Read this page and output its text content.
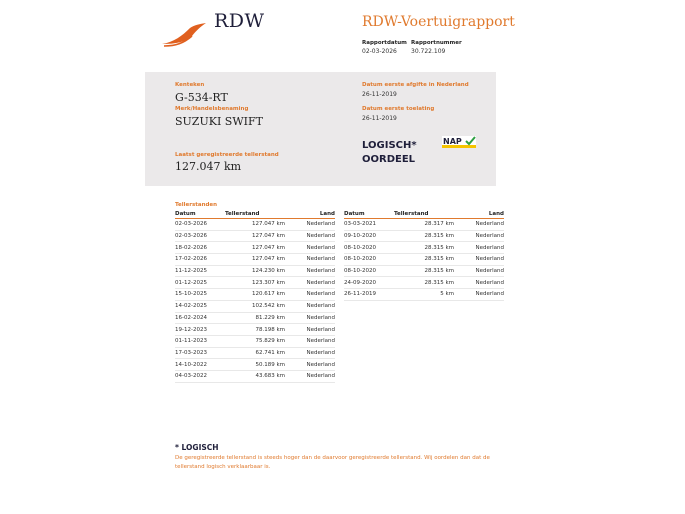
RDW	RDW-Voertuigrapport
Rapportdatum
02-03-2026
Rapportnummer
30.722.109
Kenteken
G-534-RT
Merk/Handelsbenaming
SUZUKI SWIFT
Laatst geregistreerde tellerstand
127.047 km
Datum eerste afgifte in Nederland
26-11-2019
Datum eerste toelating
26-11-2019
LOGISCH*
OORDEEL
NAP
Tellerstanden
Datum	Tellerstand	Land
02-03-2026	127.047 km	Nederland
02-03-2026	127.047 km	Nederland
18-02-2026	127.047 km	Nederland
17-02-2026	127.047 km	Nederland
11-12-2025	124.230 km	Nederland
01-12-2025	123.307 km	Nederland
15-10-2025	120.617 km	Nederland
14-02-2025	102.542 km	Nederland
16-02-2024	81.229 km	Nederland
19-12-2023	78.198 km	Nederland
01-11-2023	75.829 km	Nederland
17-03-2023	62.741 km	Nederland
14-10-2022	50.189 km	Nederland
04-03-2022	43.683 km	Nederland
Datum	Tellerstand	Land
03-03-2021	28.317 km	Nederland
09-10-2020	28.315 km	Nederland
08-10-2020	28.315 km	Nederland
08-10-2020	28.315 km	Nederland
08-10-2020	28.315 km	Nederland
24-09-2020	28.315 km	Nederland
26-11-2019	5 km	Nederland
* LOGISCH
De geregistreerde tellerstand is steeds hoger dan de daarvoor geregistreerde tellerstand. Wij oordelen dan dat de tellerstand logisch verklaarbaar is.
